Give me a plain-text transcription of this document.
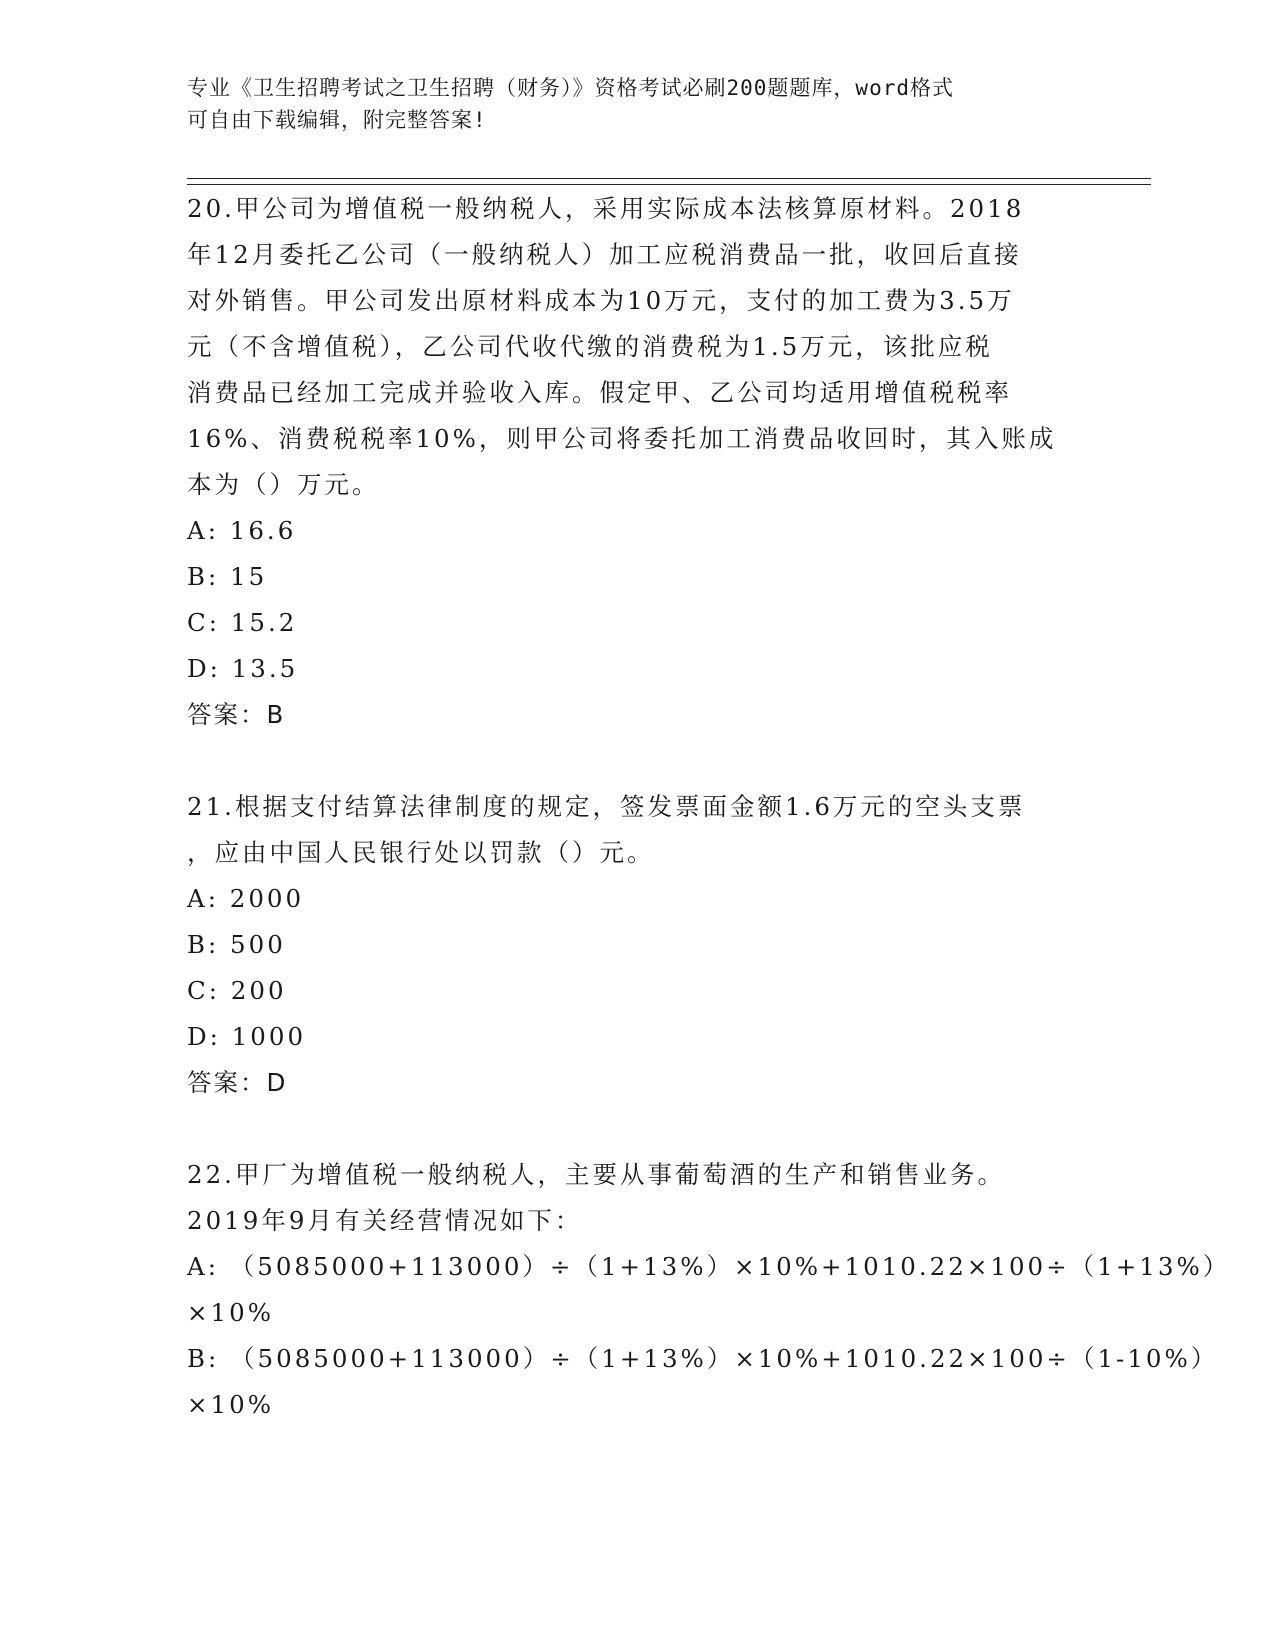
专业《卫生招聘考试之卫生招聘（财务）》资格考试必刷200题题库，word格式
可自由下载编辑，附完整答案!
20.甲公司为增值税一般纳税人，采用实际成本法核算原材料。2018
年12月委托乙公司（一般纳税人）加工应税消费品一批，收回后直接
对外销售。甲公司发出原材料成本为10万元，支付的加工费为3.5万
元（不含增值税），乙公司代收代缴的消费税为1.5万元，该批应税
消费品已经加工完成并验收入库。假定甲、乙公司均适用增值税税率
16%、消费税税率10%，则甲公司将委托加工消费品收回时，其入账成
本为（）万元。
A: 16.6
B: 15
C: 15.2
D: 13.5
答案：B
21.根据支付结算法律制度的规定，签发票面金额1.6万元的空头支票
，应由中国人民银行处以罚款（）元。
A: 2000
B: 500
C: 200
D: 1000
答案：D
22.甲厂为增值税一般纳税人，主要从事葡萄酒的生产和销售业务。
2019年9月有关经营情况如下：
A: （5085000+113000）÷（1+13%）×10%+1010.22×100÷（1+13%）
×10%
B: （5085000+113000）÷（1+13%）×10%+1010.22×100÷（1-10%）
×10%
